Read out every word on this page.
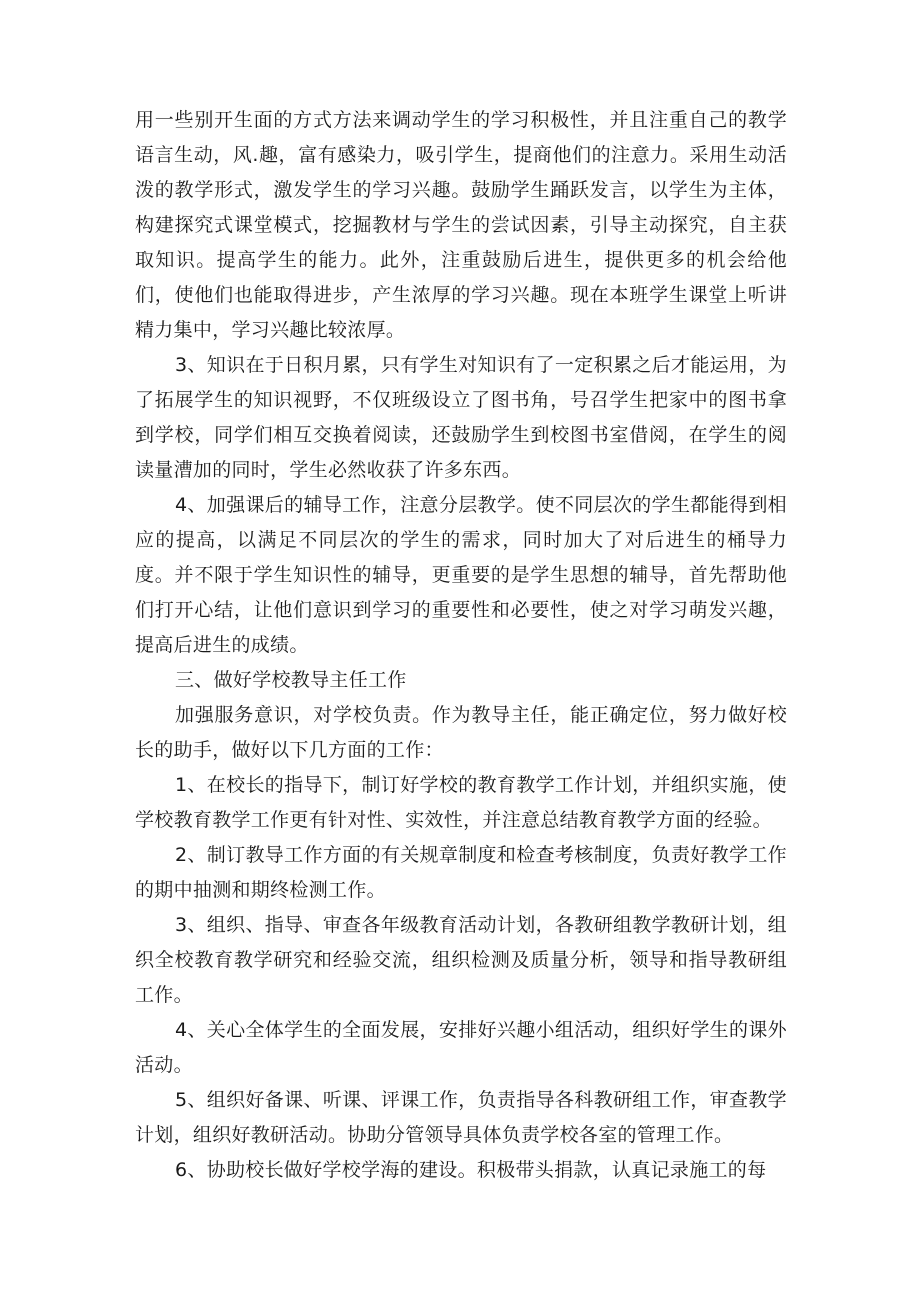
用一些别开生面的方式方法来调动学生的学习积极性，并且注重自己的教学语言生动，风.趣，富有感染力，吸引学生，提商他们的注意力。采用生动活泼的教学形式，激发学生的学习兴趣。鼓励学生踊跃发言，以学生为主体，构建探究式课堂模式，挖掘教材与学生的尝试因素，引导主动探究，自主获取知识。提高学生的能力。此外，注重鼓励后进生，提供更多的机会给他们，使他们也能取得进步，产生浓厚的学习兴趣。现在本班学生课堂上听讲精力集中，学习兴趣比较浓厚。

3、知识在于日积月累，只有学生对知识有了一定积累之后才能运用，为了拓展学生的知识视野，不仅班级设立了图书角，号召学生把家中的图书拿到学校，同学们相互交换着阅读，还鼓励学生到校图书室借阅，在学生的阅读量漕加的同时，学生必然收获了许多东西。

4、加强课后的辅导工作，注意分层教学。使不同层次的学生都能得到相应的提高，以满足不同层次的学生的需求，同时加大了对后进生的桶导力度。并不限于学生知识性的辅导，更重要的是学生思想的辅导，首先帮助他们打开心结，让他们意识到学习的重要性和必要性，使之对学习萌发兴趣，提高后进生的成绩。

三、做好学校教导主任工作

加强服务意识，对学校负责。作为教导主任，能正确定位，努力做好校长的助手，做好以下几方面的工作：

1、在校长的指导下，制订好学校的教育教学工作计划，并组织实施，使学校教育教学工作更有针对性、实效性，并注意总结教育教学方面的经验。

2、制订教导工作方面的有关规章制度和检查考核制度，负责好教学工作的期中抽测和期终检测工作。

3、组织、指导、审查各年级教育活动计划，各教研组教学教研计划，组织全校教育教学研究和经验交流，组织检测及质量分析，领导和指导教研组工作。

4、关心全体学生的全面发展，安排好兴趣小组活动，组织好学生的课外活动。

5、组织好备课、听课、评课工作，负责指导各科教研组工作，审查教学计划，组织好教研活动。协助分管领导具体负责学校各室的管理工作。

6、协助校长做好学校学海的建设。积极带头捐款，认真记录施工的每
